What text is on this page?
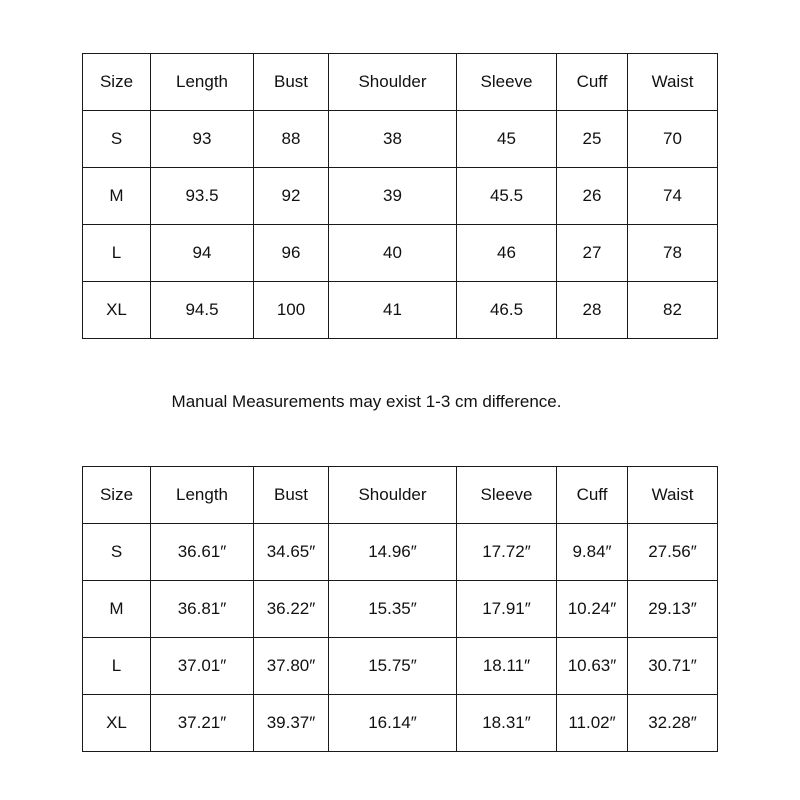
Size	Length	Bust	Shoulder	Sleeve	Cuff	Waist
S	93	88	38	45	25	70
M	93.5	92	39	45.5	26	74
L	94	96	40	46	27	78
XL	94.5	100	41	46.5	28	82
Manual Measurements may exist 1-3 cm difference.
Size	Length	Bust	Shoulder	Sleeve	Cuff	Waist
S	36.61″	34.65″	14.96″	17.72″	9.84″	27.56″
M	36.81″	36.22″	15.35″	17.91″	10.24″	29.13″
L	37.01″	37.80″	15.75″	18.11″	10.63″	30.71″
XL	37.21″	39.37″	16.14″	18.31″	11.02″	32.28″
